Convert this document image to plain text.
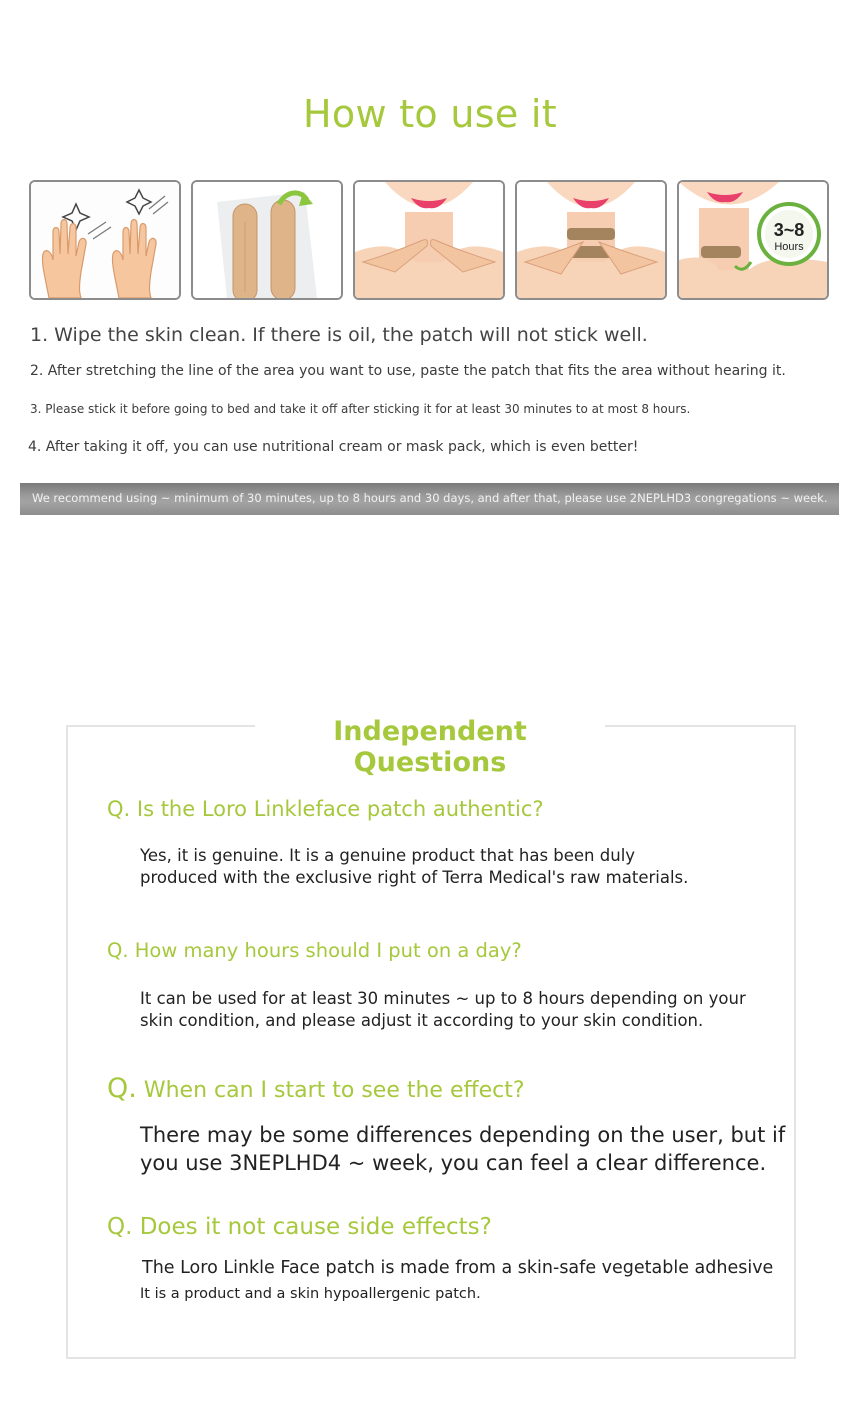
How to use it
3~8
Hours

1. Wipe the skin clean. If there is oil, the patch will not stick well.

2. After stretching the line of the area you want to use, paste the patch that fits the area without hearing it.

3. Please stick it before going to bed and take it off after sticking it for at least 30 minutes to at most 8 hours.

4. After taking it off, you can use nutritional cream or mask pack, which is even better!

We recommend using ~ minimum of 30 minutes, up to 8 hours and 30 days, and after that, please use 2NEPLHD3 congregations ~ week.
Independent Questions

Q. Is the Loro Linkleface patch authentic?

Yes, it is genuine. It is a genuine product that has been duly
produced with the exclusive right of Terra Medical's raw materials.

Q. How many hours should I put on a day?

It can be used for at least 30 minutes ~ up to 8 hours depending on your
skin condition, and please adjust it according to your skin condition.

Q. When can I start to see the effect?

There may be some differences depending on the user, but if
you use 3NEPLHD4 ~ week, you can feel a clear difference.

Q. Does it not cause side effects?

The Loro Linkle Face patch is made from a skin-safe vegetable adhesive

It is a product and a skin hypoallergenic patch.
